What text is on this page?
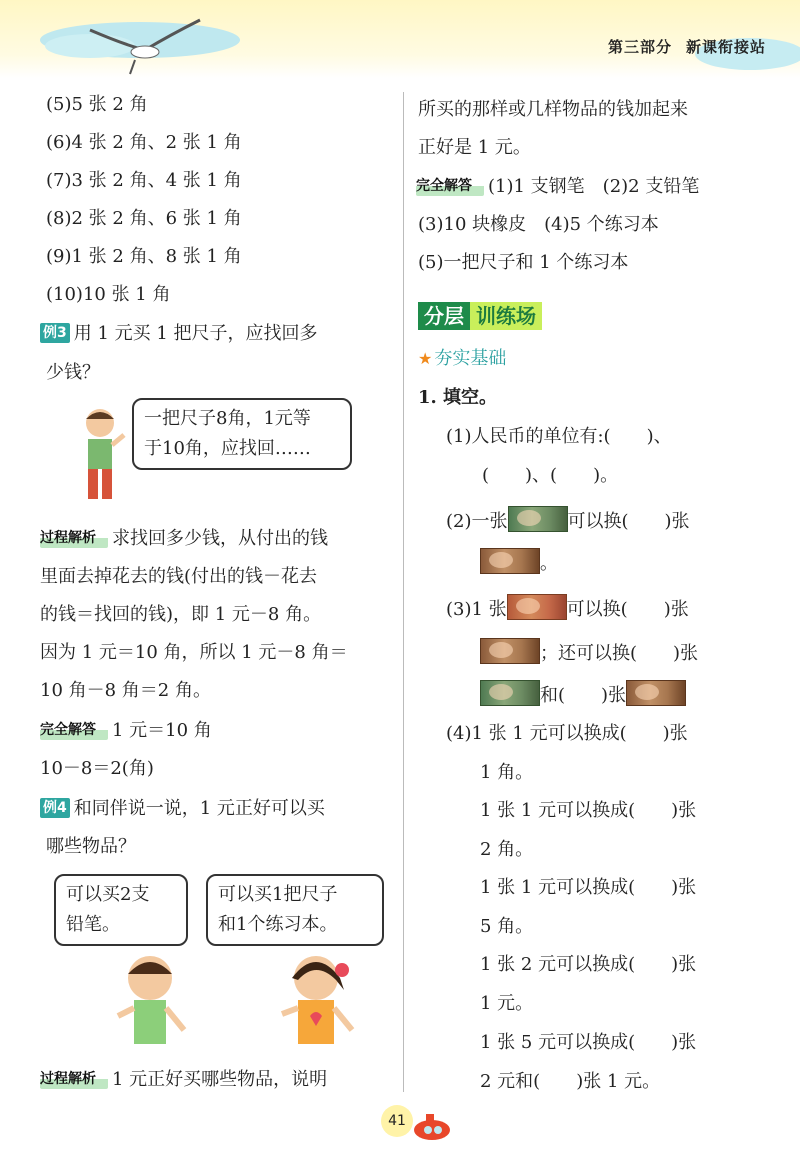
第三部分 新课衔接站
(5)5 张 2 角
(6)4 张 2 角、2 张 1 角
(7)3 张 2 角、4 张 1 角
(8)2 张 2 角、6 张 1 角
(9)1 张 2 角、8 张 1 角
(10)10 张 1 角
例3 用 1 元买 1 把尺子，应找回多
少钱？
一把尺子8角，1元等
于10角，应找回……
过程解析 求找回多少钱，从付出的钱
里面去掉花去的钱(付出的钱－花去
的钱＝找回的钱)，即 1 元－8 角。
因为 1 元＝10 角，所以 1 元－8 角＝
10 角－8 角＝2 角。
完全解答 1 元＝10 角
10－8＝2(角)
例4 和同伴说一说，1 元正好可以买
哪些物品？
可以买2支
铅笔。
可以买1把尺子
和1个练习本。
过程解析 1 元正好买哪些物品，说明
所买的那样或几样物品的钱加起来
正好是 1 元。
完全解答 (1)1 支钢笔　(2)2 支铅笔
(3)10 块橡皮　(4)5 个练习本
(5)一把尺子和 1 个练习本
分层 训练场
★ 夯实基础
1. 填空。
(1)人民币的单位有:(　　)、
(　　)、(　　)。
(2)一张	可以换(　　)张
。
(3)1 张	可以换(　　)张
；还可以换(　　)张
和(　　)张
(4)1 张 1 元可以换成(　　)张
1 角。
1 张 1 元可以换成(　　)张
2 角。
1 张 1 元可以换成(　　)张
5 角。
1 张 2 元可以换成(　　)张
1 元。
1 张 5 元可以换成(　　)张
2 元和(　　)张 1 元。
41
